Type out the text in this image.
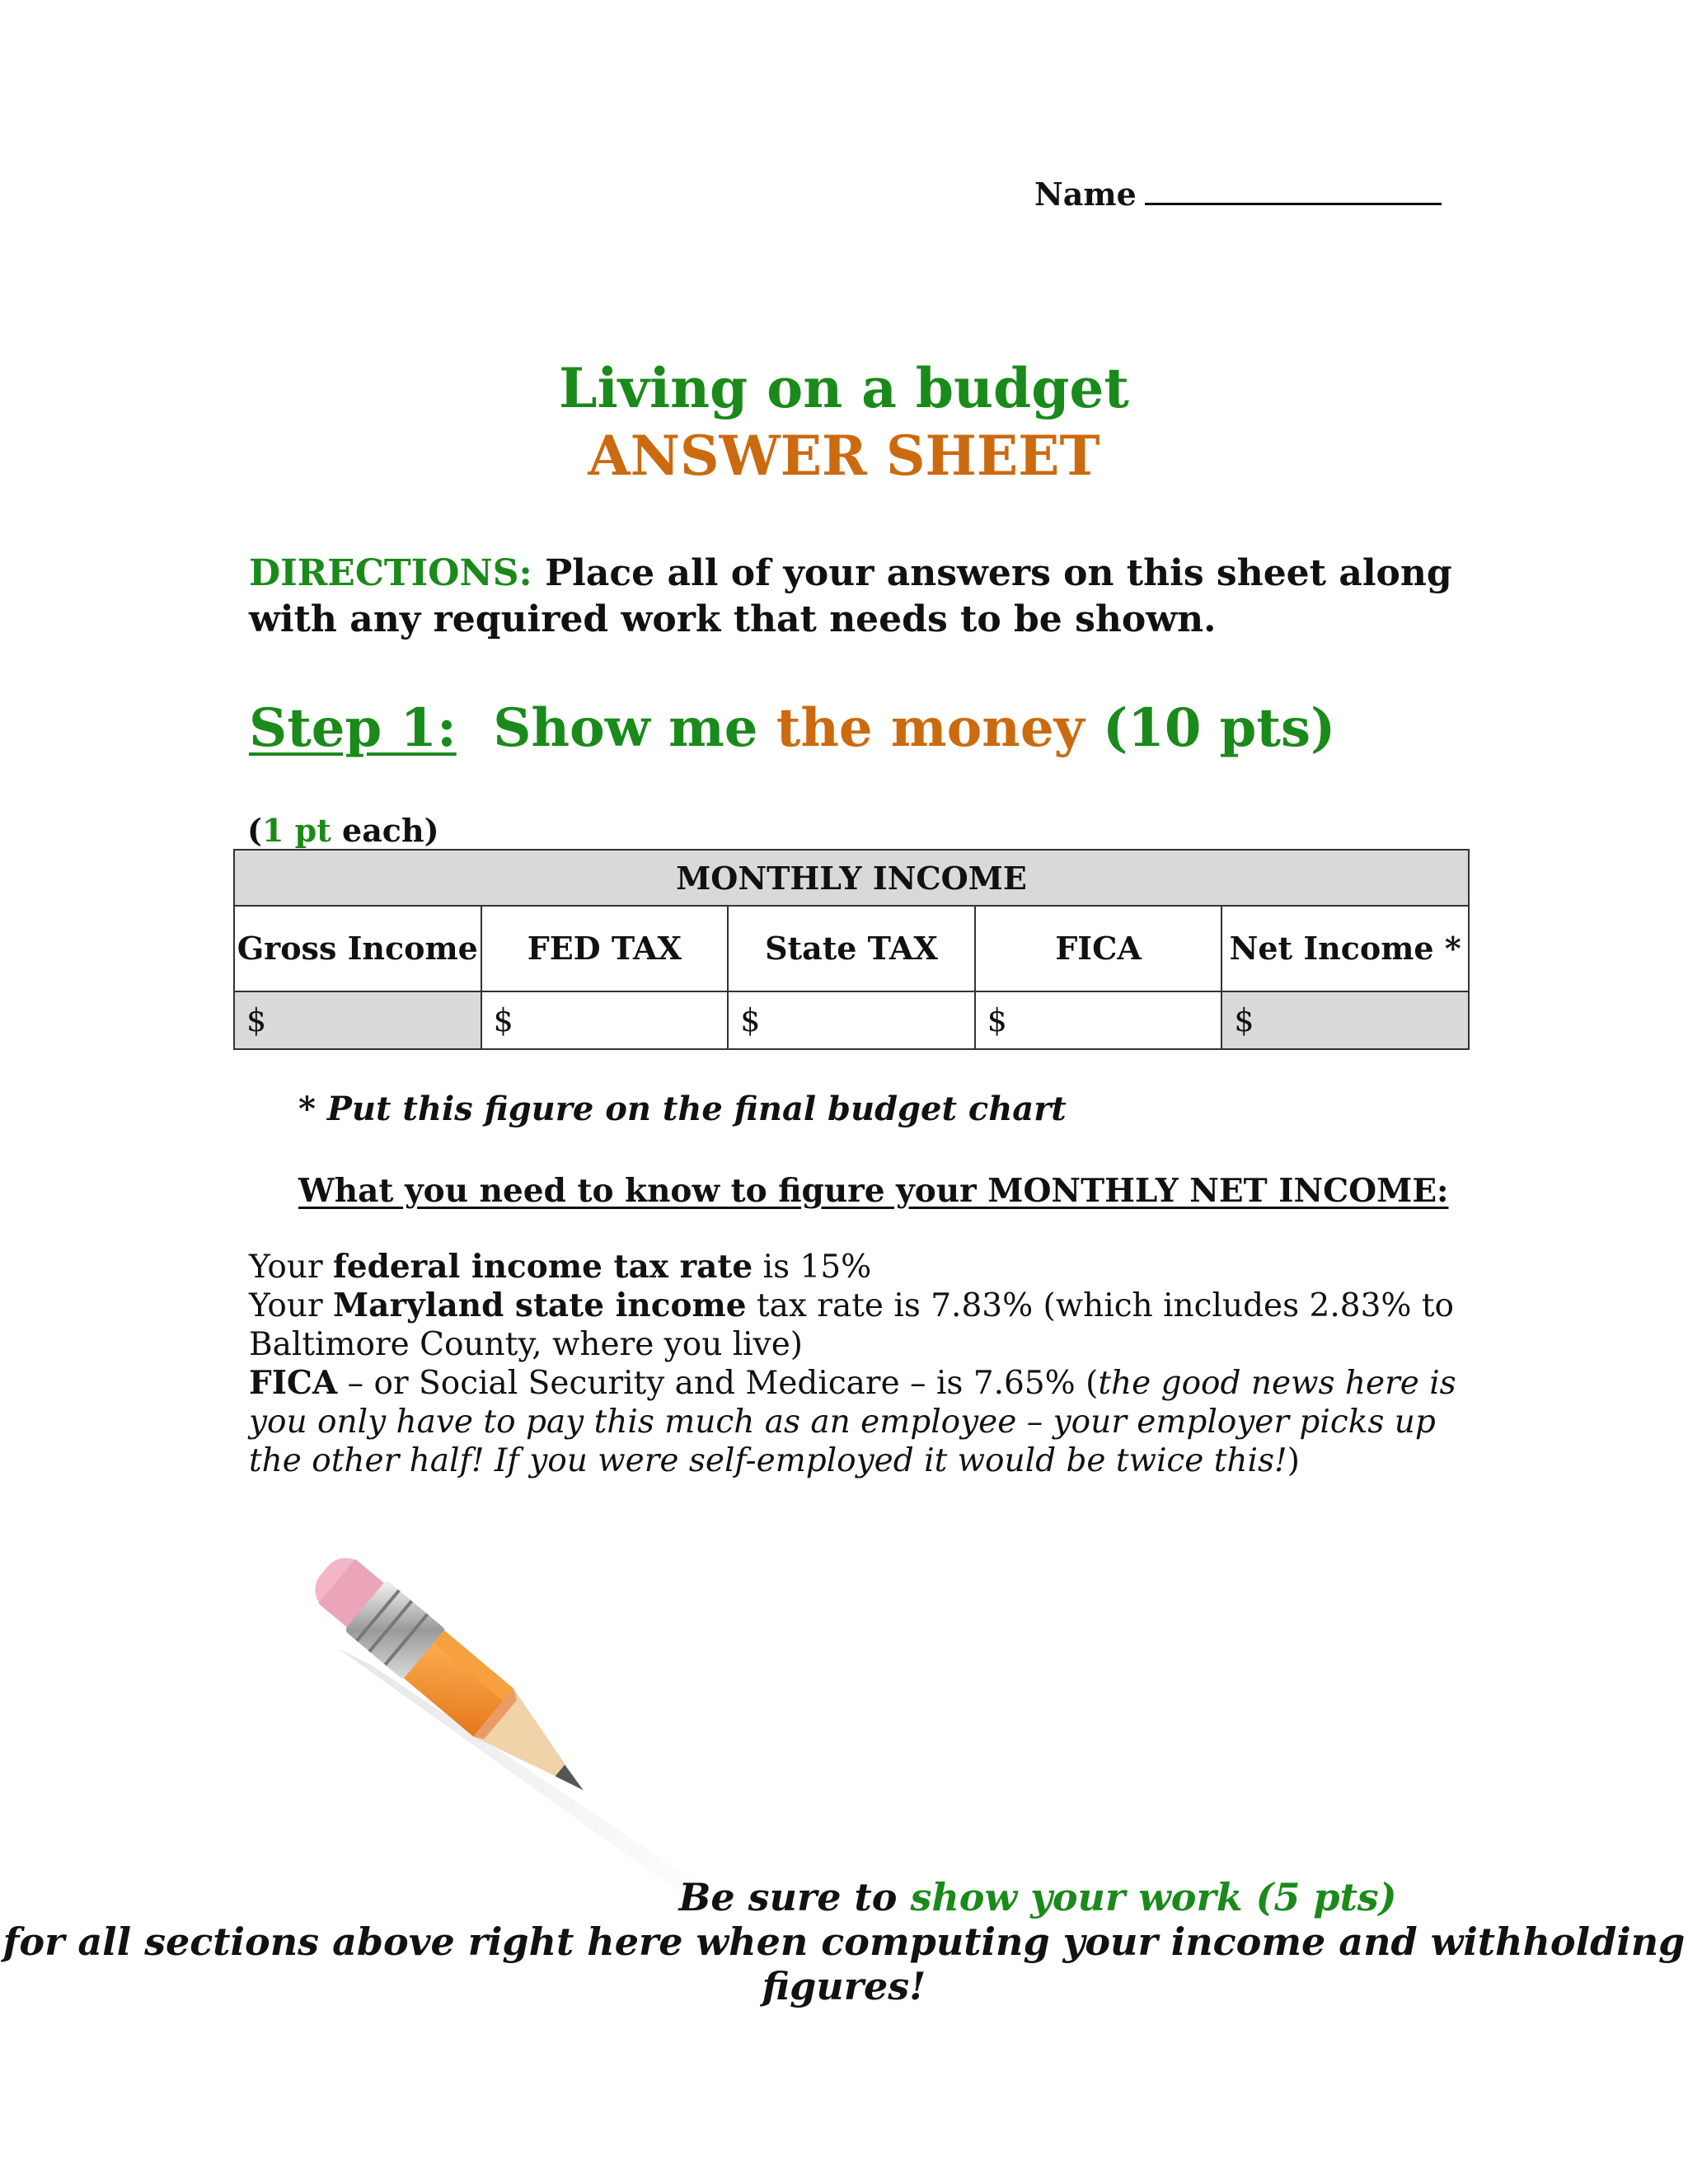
Name
Living on a budget
ANSWER SHEET
DIRECTIONS: Place all of your answers on this sheet along with any required work that needs to be shown.
Step 1: Show me the money (10 pts)
(1 pt each)
MONTHLY INCOME				
Gross Income	FED TAX	State TAX	FICA	Net Income *
$	$	$	$	$
* Put this figure on the final budget chart
What you need to know to figure your MONTHLY NET INCOME:
Your federal income tax rate is 15%
Your Maryland state income tax rate is 7.83% (which includes 2.83% to Baltimore County, where you live)
FICA – or Social Security and Medicare – is 7.65% (the good news here is you only have to pay this much as an employee – your employer picks up the other half! If you were self-employed it would be twice this!)
Be sure to show your work (5 pts)
for all sections above right here when computing your income and withholding figures!
